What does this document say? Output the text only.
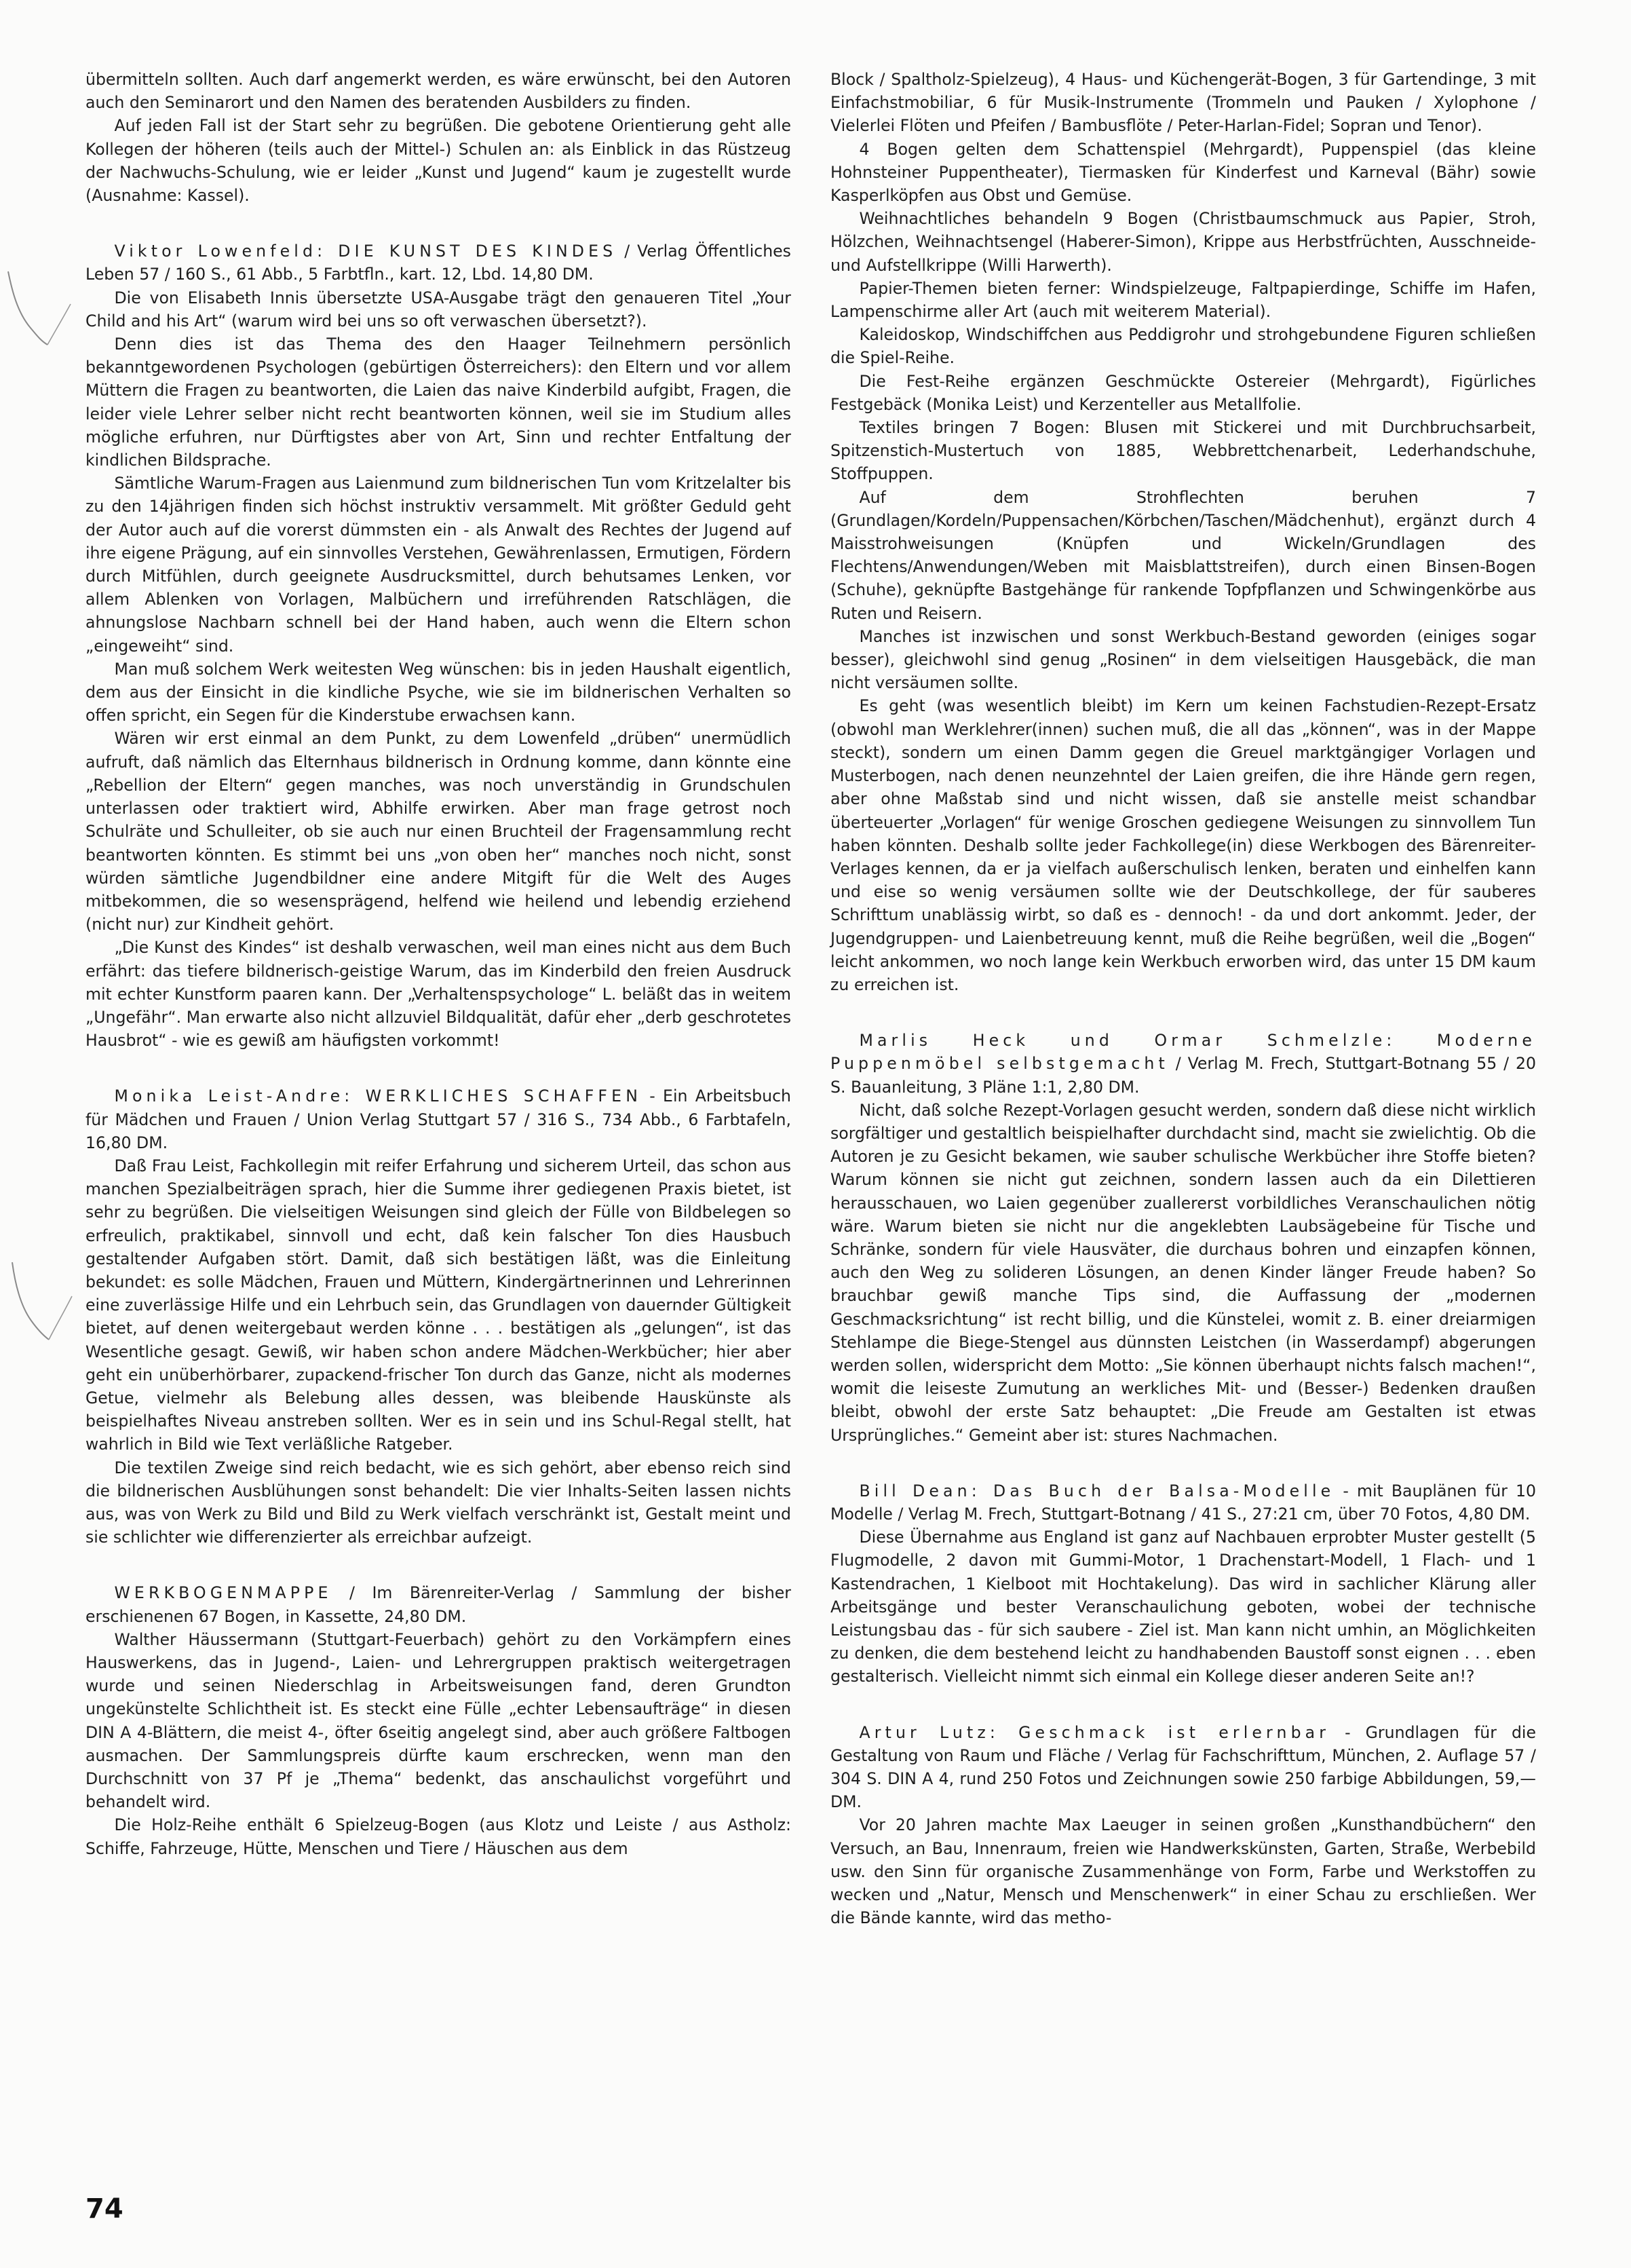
übermitteln sollten. Auch darf angemerkt werden, es wäre erwünscht, bei den Autoren auch den Seminarort und den Namen des beratenden Ausbilders zu finden.

Auf jeden Fall ist der Start sehr zu begrüßen. Die gebotene Orientierung geht alle Kollegen der höheren (teils auch der Mittel-) Schulen an: als Einblick in das Rüstzeug der Nachwuchs-Schulung, wie er leider „Kunst und Jugend“ kaum je zugestellt wurde (Ausnahme: Kassel).

Viktor Lowenfeld: DIE KUNST DES KINDES / Verlag Öffentliches Leben 57 / 160 S., 61 Abb., 5 Farbtfln., kart. 12, Lbd. 14,80 DM.

Die von Elisabeth Innis übersetzte USA-Ausgabe trägt den genaueren Titel „Your Child and his Art“ (warum wird bei uns so oft verwaschen übersetzt?).

Denn dies ist das Thema des den Haager Teilnehmern persönlich bekanntgewordenen Psychologen (gebürtigen Österreichers): den Eltern und vor allem Müttern die Fragen zu beantworten, die Laien das naive Kinderbild aufgibt, Fragen, die leider viele Lehrer selber nicht recht beantworten können, weil sie im Studium alles mögliche erfuhren, nur Dürftigstes aber von Art, Sinn und rechter Entfaltung der kindlichen Bildsprache.

Sämtliche Warum-Fragen aus Laienmund zum bildnerischen Tun vom Kritzelalter bis zu den 14jährigen finden sich höchst instruktiv versammelt. Mit größter Geduld geht der Autor auch auf die vorerst dümmsten ein - als Anwalt des Rechtes der Jugend auf ihre eigene Prägung, auf ein sinnvolles Verstehen, Gewährenlassen, Ermutigen, Fördern durch Mitfühlen, durch geeignete Ausdrucksmittel, durch behutsames Lenken, vor allem Ablenken von Vorlagen, Malbüchern und irreführenden Ratschlägen, die ahnungslose Nachbarn schnell bei der Hand haben, auch wenn die Eltern schon „eingeweiht“ sind.

Man muß solchem Werk weitesten Weg wünschen: bis in jeden Haushalt eigentlich, dem aus der Einsicht in die kindliche Psyche, wie sie im bildnerischen Verhalten so offen spricht, ein Segen für die Kinderstube erwachsen kann.

Wären wir erst einmal an dem Punkt, zu dem Lowenfeld „drüben“ unermüdlich aufruft, daß nämlich das Elternhaus bildnerisch in Ordnung komme, dann könnte eine „Rebellion der Eltern“ gegen manches, was noch unverständig in Grundschulen unterlassen oder traktiert wird, Abhilfe erwirken. Aber man frage getrost noch Schulräte und Schulleiter, ob sie auch nur einen Bruchteil der Fragensammlung recht beantworten könnten. Es stimmt bei uns „von oben her“ manches noch nicht, sonst würden sämtliche Jugendbildner eine andere Mitgift für die Welt des Auges mitbekommen, die so wesensprägend, helfend wie heilend und lebendig erziehend (nicht nur) zur Kindheit gehört.

„Die Kunst des Kindes“ ist deshalb verwaschen, weil man eines nicht aus dem Buch erfährt: das tiefere bildnerisch-geistige Warum, das im Kinderbild den freien Ausdruck mit echter Kunstform paaren kann. Der „Verhaltenspsychologe“ L. beläßt das in weitem „Ungefähr“. Man erwarte also nicht allzuviel Bildqualität, dafür eher „derb geschrotetes Hausbrot“ - wie es gewiß am häufigsten vorkommt!

Monika Leist-Andre: WERKLICHES SCHAFFEN - Ein Arbeitsbuch für Mädchen und Frauen / Union Verlag Stuttgart 57 / 316 S., 734 Abb., 6 Farbtafeln, 16,80 DM.

Daß Frau Leist, Fachkollegin mit reifer Erfahrung und sicherem Urteil, das schon aus manchen Spezialbeiträgen sprach, hier die Summe ihrer gediegenen Praxis bietet, ist sehr zu begrüßen. Die vielseitigen Weisungen sind gleich der Fülle von Bildbelegen so erfreulich, praktikabel, sinnvoll und echt, daß kein falscher Ton dies Hausbuch gestaltender Aufgaben stört. Damit, daß sich bestätigen läßt, was die Einleitung bekundet: es solle Mädchen, Frauen und Müttern, Kindergärtnerinnen und Lehrerinnen eine zuverlässige Hilfe und ein Lehrbuch sein, das Grundlagen von dauernder Gültigkeit bietet, auf denen weitergebaut werden könne . . . bestätigen als „gelungen“, ist das Wesentliche gesagt. Gewiß, wir haben schon andere Mädchen-Werkbücher; hier aber geht ein unüberhörbarer, zupackend-frischer Ton durch das Ganze, nicht als modernes Getue, vielmehr als Belebung alles dessen, was bleibende Hauskünste als beispielhaftes Niveau anstreben sollten. Wer es in sein und ins Schul-Regal stellt, hat wahrlich in Bild wie Text verläßliche Ratgeber.

Die textilen Zweige sind reich bedacht, wie es sich gehört, aber ebenso reich sind die bildnerischen Ausblühungen sonst behandelt: Die vier Inhalts-Seiten lassen nichts aus, was von Werk zu Bild und Bild zu Werk vielfach verschränkt ist, Gestalt meint und sie schlichter wie differenzierter als erreichbar aufzeigt.

WERKBOGENMAPPE / Im Bärenreiter-Verlag / Sammlung der bisher erschienenen 67 Bogen, in Kassette, 24,80 DM.

Walther Häussermann (Stuttgart-Feuerbach) gehört zu den Vorkämpfern eines Hauswerkens, das in Jugend-, Laien- und Lehrergruppen praktisch weitergetragen wurde und seinen Niederschlag in Arbeitsweisungen fand, deren Grundton ungekünstelte Schlichtheit ist. Es steckt eine Fülle „echter Lebensaufträge“ in diesen DIN A 4-Blättern, die meist 4-, öfter 6seitig angelegt sind, aber auch größere Faltbogen ausmachen. Der Sammlungspreis dürfte kaum erschrecken, wenn man den Durchschnitt von 37 Pf je „Thema“ bedenkt, das anschaulichst vorgeführt und behandelt wird.

Die Holz-Reihe enthält 6 Spielzeug-Bogen (aus Klotz und Leiste / aus Astholz: Schiffe, Fahrzeuge, Hütte, Menschen und Tiere / Häuschen aus dem

Block / Spaltholz-Spielzeug), 4 Haus- und Küchengerät-Bogen, 3 für Gartendinge, 3 mit Einfachstmobiliar, 6 für Musik-Instrumente (Trommeln und Pauken / Xylophone / Vielerlei Flöten und Pfeifen / Bambusflöte / Peter-Harlan-Fidel; Sopran und Tenor).

4 Bogen gelten dem Schattenspiel (Mehrgardt), Puppenspiel (das kleine Hohnsteiner Puppentheater), Tiermasken für Kinderfest und Karneval (Bähr) sowie Kasperlköpfen aus Obst und Gemüse.

Weihnachtliches behandeln 9 Bogen (Christbaumschmuck aus Papier, Stroh, Hölzchen, Weihnachtsengel (Haberer-Simon), Krippe aus Herbstfrüchten, Ausschneide- und Aufstellkrippe (Willi Harwerth).

Papier-Themen bieten ferner: Windspielzeuge, Faltpapierdinge, Schiffe im Hafen, Lampenschirme aller Art (auch mit weiterem Material).

Kaleidoskop, Windschiffchen aus Peddigrohr und strohgebundene Figuren schließen die Spiel-Reihe.

Die Fest-Reihe ergänzen Geschmückte Ostereier (Mehrgardt), Figürliches Festgebäck (Monika Leist) und Kerzenteller aus Metallfolie.

Textiles bringen 7 Bogen: Blusen mit Stickerei und mit Durchbruchsarbeit, Spitzenstich-Mustertuch von 1885, Webbrettchenarbeit, Lederhandschuhe, Stoffpuppen.

Auf dem Strohflechten beruhen 7 (Grundlagen/Kordeln/Puppensachen/Körbchen/Taschen/Mädchenhut), ergänzt durch 4 Maisstrohweisungen (Knüpfen und Wickeln/Grundlagen des Flechtens/Anwendungen/Weben mit Maisblattstreifen), durch einen Binsen-Bogen (Schuhe), geknüpfte Bastgehänge für rankende Topfpflanzen und Schwingenkörbe aus Ruten und Reisern.

Manches ist inzwischen und sonst Werkbuch-Bestand geworden (einiges sogar besser), gleichwohl sind genug „Rosinen“ in dem vielseitigen Hausgebäck, die man nicht versäumen sollte.

Es geht (was wesentlich bleibt) im Kern um keinen Fachstudien-Rezept-Ersatz (obwohl man Werklehrer(innen) suchen muß, die all das „können“, was in der Mappe steckt), sondern um einen Damm gegen die Greuel marktgängiger Vorlagen und Musterbogen, nach denen neunzehntel der Laien greifen, die ihre Hände gern regen, aber ohne Maßstab sind und nicht wissen, daß sie anstelle meist schandbar überteuerter „Vorlagen“ für wenige Groschen gediegene Weisungen zu sinnvollem Tun haben könnten. Deshalb sollte jeder Fachkollege(in) diese Werkbogen des Bärenreiter-Verlages kennen, da er ja vielfach außerschulisch lenken, beraten und einhelfen kann und eise so wenig versäumen sollte wie der Deutschkollege, der für sauberes Schrifttum unablässig wirbt, so daß es - dennoch! - da und dort ankommt. Jeder, der Jugendgruppen- und Laienbetreuung kennt, muß die Reihe begrüßen, weil die „Bogen“ leicht ankommen, wo noch lange kein Werkbuch erworben wird, das unter 15 DM kaum zu erreichen ist.

Marlis Heck und Ormar Schmelzle: Moderne Puppenmöbel selbstgemacht / Verlag M. Frech, Stuttgart-Botnang 55 / 20 S. Bauanleitung, 3 Pläne 1:1, 2,80 DM.

Nicht, daß solche Rezept-Vorlagen gesucht werden, sondern daß diese nicht wirklich sorgfältiger und gestaltlich beispielhafter durchdacht sind, macht sie zwielichtig. Ob die Autoren je zu Gesicht bekamen, wie sauber schulische Werkbücher ihre Stoffe bieten? Warum können sie nicht gut zeichnen, sondern lassen auch da ein Dilettieren herausschauen, wo Laien gegenüber zuallererst vorbildliches Veranschaulichen nötig wäre. Warum bieten sie nicht nur die angeklebten Laubsägebeine für Tische und Schränke, sondern für viele Hausväter, die durchaus bohren und einzapfen können, auch den Weg zu solideren Lösungen, an denen Kinder länger Freude haben? So brauchbar gewiß manche Tips sind, die Auffassung der „modernen Geschmacksrichtung“ ist recht billig, und die Künstelei, womit z. B. einer dreiarmigen Stehlampe die Biege-Stengel aus dünnsten Leistchen (in Wasserdampf) abgerungen werden sollen, widerspricht dem Motto: „Sie können überhaupt nichts falsch machen!“, womit die leiseste Zumutung an werkliches Mit- und (Besser-) Bedenken draußen bleibt, obwohl der erste Satz behauptet: „Die Freude am Gestalten ist etwas Ursprüngliches.“ Gemeint aber ist: stures Nachmachen.

Bill Dean: Das Buch der Balsa-Modelle - mit Bauplänen für 10 Modelle / Verlag M. Frech, Stuttgart-Botnang / 41 S., 27:21 cm, über 70 Fotos, 4,80 DM.

Diese Übernahme aus England ist ganz auf Nachbauen erprobter Muster gestellt (5 Flugmodelle, 2 davon mit Gummi-Motor, 1 Drachenstart-Modell, 1 Flach- und 1 Kastendrachen, 1 Kielboot mit Hochtakelung). Das wird in sachlicher Klärung aller Arbeitsgänge und bester Veranschaulichung geboten, wobei der technische Leistungsbau das - für sich saubere - Ziel ist. Man kann nicht umhin, an Möglichkeiten zu denken, die dem bestehend leicht zu handhabenden Baustoff sonst eignen . . . eben gestalterisch. Vielleicht nimmt sich einmal ein Kollege dieser anderen Seite an!?

Artur Lutz: Geschmack ist erlernbar - Grundlagen für die Gestaltung von Raum und Fläche / Verlag für Fachschrifttum, München, 2. Auflage 57 / 304 S. DIN A 4, rund 250 Fotos und Zeichnungen sowie 250 farbige Abbildungen, 59,— DM.

Vor 20 Jahren machte Max Laeuger in seinen großen „Kunsthandbüchern“ den Versuch, an Bau, Innenraum, freien wie Handwerkskünsten, Garten, Straße, Werbebild usw. den Sinn für organische Zusammenhänge von Form, Farbe und Werkstoffen zu wecken und „Natur, Mensch und Menschenwerk“ in einer Schau zu erschließen. Wer die Bände kannte, wird das metho-

74
